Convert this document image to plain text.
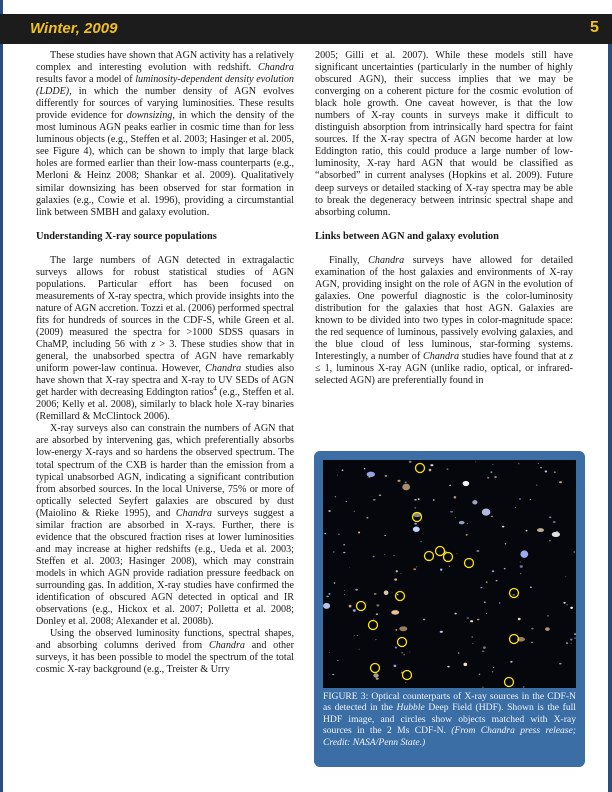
Winter, 2009	5

These studies have shown that AGN activity has a relatively complex and interesting evolution with redshift. Chandra results favor a model of luminosity-dependent density evolution (LDDE), in which the number density of AGN evolves differently for sources of varying luminosities. These results provide evidence for downsizing, in which the density of the most luminous AGN peaks earlier in cosmic time than for less luminous objects (e.g., Steffen et al. 2003; Hasinger et al. 2005, see Figure 4), which can be shown to imply that large black holes are formed earlier than their low-mass counterparts (e.g., Merloni & Heinz 2008; Shankar et al. 2009). Qualitatively similar downsizing has been observed for star formation in galaxies (e.g., Cowie et al. 1996), providing a circumstantial link between SMBH and galaxy evolution.

Understanding X-ray source populations

The large numbers of AGN detected in extragalactic surveys allows for robust statistical studies of AGN populations. Particular effort has been focused on measurements of X-ray spectra, which provide insights into the nature of AGN accretion. Tozzi et al. (2006) performed spectral fits for hundreds of sources in the CDF-S, while Green et al. (2009) measured the spectra for >1000 SDSS quasars in ChaMP, including 56 with z > 3. These studies show that in general, the unabsorbed spectra of AGN have remarkably uniform power-law continua. However, Chandra studies also have shown that X-ray spectra and X-ray to UV SEDs of AGN get harder with decreasing Eddington ratios$^4$ (e.g., Steffen et al. 2006; Kelly et al. 2008), similarly to black hole X-ray binaries (Remillard & McClintock 2006).

X-ray surveys also can constrain the numbers of AGN that are absorbed by intervening gas, which preferentially absorbs low-energy X-rays and so hardens the observed spectrum. The total spectrum of the CXB is harder than the emission from a typical unabsorbed AGN, indicating a significant contribution from absorbed sources. In the local Universe, 75% or more of optically selected Seyfert galaxies are obscured by dust (Maiolino & Rieke 1995), and Chandra surveys suggest a similar fraction are absorbed in X-rays. Further, there is evidence that the obscured fraction rises at lower luminosities and may increase at higher redshifts (e.g., Ueda et al. 2003; Steffen et al. 2003; Hasinger 2008), which may constrain models in which AGN provide radiation pressure feedback on surrounding gas. In addition, X-ray studies have confirmed the identification of obscured AGN detected in optical and IR observations (e.g., Hickox et al. 2007; Polletta et al. 2008; Donley et al. 2008; Alexander et al. 2008b).

Using the observed luminosity functions, spectral shapes, and absorbing columns derived from Chandra and other surveys, it has been possible to model the spectrum of the total cosmic X-ray background (e.g., Treister & Urry

2005; Gilli et al. 2007). While these models still have significant uncertainties (particularly in the number of highly obscured AGN), their success implies that we may be converging on a coherent picture for the cosmic evolution of black hole growth. One caveat however, is that the low numbers of X-ray counts in surveys make it difficult to distinguish absorption from intrinsically hard spectra for faint sources. If the X-ray spectra of AGN become harder at low Eddington ratio, this could produce a large number of low-luminosity, X-ray hard AGN that would be classified as “absorbed” in current analyses (Hopkins et al. 2009). Future deep surveys or detailed stacking of X-ray spectra may be able to break the degeneracy between intrinsic spectral shape and absorbing column.

Links between AGN and galaxy evolution

Finally, Chandra surveys have allowed for detailed examination of the host galaxies and environments of X-ray AGN, providing insight on the role of AGN in the evolution of galaxies. One powerful diagnostic is the color-luminosity distribution for the galaxies that host AGN. Galaxies are known to be divided into two types in color-magnitude space: the red sequence of luminous, passively evolving galaxies, and the blue cloud of less luminous, star-forming systems. Interestingly, a number of Chandra studies have found that at z ≤ 1, luminous X-ray AGN (unlike radio, optical, or infrared-selected AGN) are preferentially found in

FIGURE 3: Optical counterparts of X-ray sources in the CDF-N as detected in the Hubble Deep Field (HDF). Shown is the full HDF image, and circles show objects matched with X-ray sources in the 2 Ms CDF-N. (From Chandra press release; Credit: NASA/Penn State.)
